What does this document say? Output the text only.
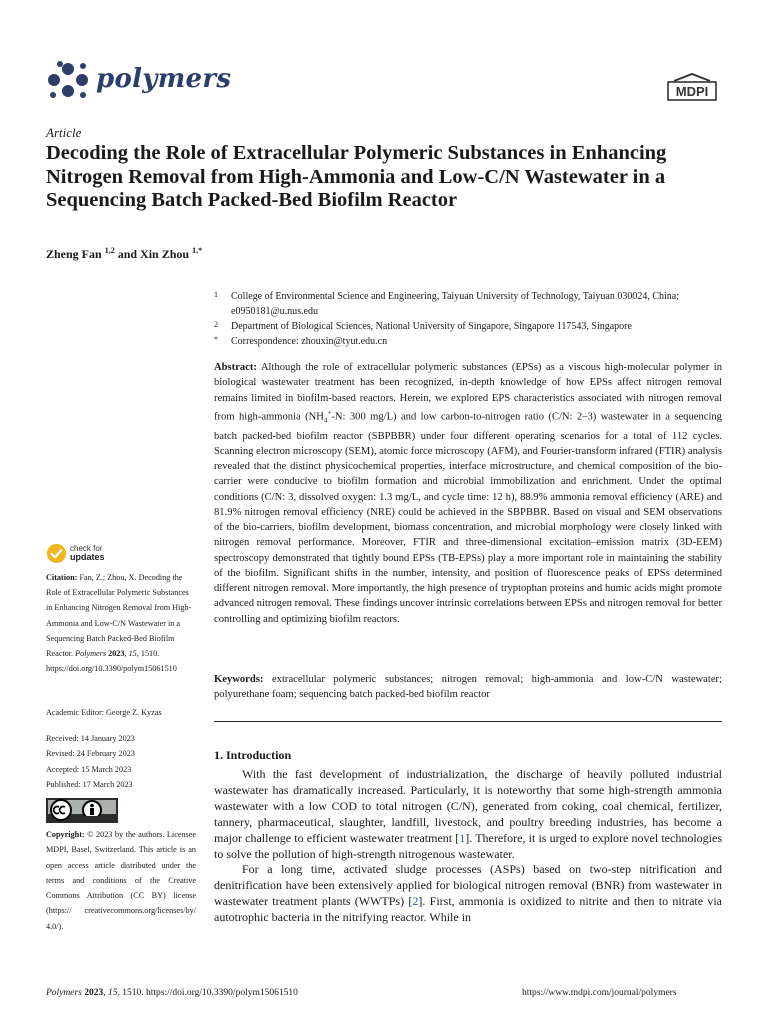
polymers	MDPI
Article
Decoding the Role of Extracellular Polymeric Substances in Enhancing Nitrogen Removal from High-Ammonia and Low-C/N Wastewater in a Sequencing Batch Packed-Bed Biofilm Reactor
Zheng Fan $^{1,2}$ and Xin Zhou $^{1,*}$
1	College of Environmental Science and Engineering, Taiyuan University of Technology, Taiyuan 030024, China; e0950181@u.nus.edu
2	Department of Biological Sciences, National University of Singapore, Singapore 117543, Singapore
*	Correspondence: zhouxin@tyut.edu.cn
Abstract: Although the role of extracellular polymeric substances (EPSs) as a viscous high-molecular polymer in biological wastewater treatment has been recognized, in-depth knowledge of how EPSs affect nitrogen removal remains limited in biofilm-based reactors. Herein, we explored EPS characteristics associated with nitrogen removal from high-ammonia ($NH_4^+-N$: 300 mg/L) and low carbon-to-nitrogen ratio (C/N: 2–3) wastewater in a sequencing batch packed-bed biofilm reactor (SBPBBR) under four different operating scenarios for a total of 112 cycles. Scanning electron microscopy (SEM), atomic force microscopy (AFM), and Fourier-transform infrared (FTIR) analysis revealed that the distinct physicochemical properties, interface microstructure, and chemical composition of the bio-carrier were conducive to biofilm formation and microbial immobilization and enrichment. Under the optimal conditions (C/N: 3, dissolved oxygen: 1.3 mg/L, and cycle time: 12 h), 88.9% ammonia removal efficiency (ARE) and 81.9% nitrogen removal efficiency (NRE) could be achieved in the SBPBBR. Based on visual and SEM observations of the bio-carriers, biofilm development, biomass concentration, and microbial morphology were closely linked with nitrogen removal performance. Moreover, FTIR and three-dimensional excitation–emission matrix (3D-EEM) spectroscopy demonstrated that tightly bound EPSs (TB-EPSs) play a more important role in maintaining the stability of the biofilm. Significant shifts in the number, intensity, and position of fluorescence peaks of EPSs determined different nitrogen removal. More importantly, the high presence of tryptophan proteins and humic acids might promote advanced nitrogen removal. These findings uncover intrinsic correlations between EPSs and nitrogen removal for better controlling and optimizing biofilm reactors.
Keywords: extracellular polymeric substances; nitrogen removal; high-ammonia and low-C/N wastewater; polyurethane foam; sequencing batch packed-bed biofilm reactor
check for
updates
Citation: Fan, Z.; Zhou, X. Decoding the Role of Extracellular Polymeric Substances in Enhancing Nitrogen Removal from High-Ammonia and Low-C/N Wastewater in a Sequencing Batch Packed-Bed Biofilm Reactor. Polymers 2023, 15, 1510. https://doi.org/10.3390/polym15061510
Academic Editor: George Z. Kyzas
Received: 14 January 2023
Revised: 24 February 2023
Accepted: 15 March 2023
Published: 17 March 2023
Copyright: © 2023 by the authors. Licensee MDPI, Basel, Switzerland. This article is an open access article distributed under the terms and conditions of the Creative Commons Attribution (CC BY) license (https:// creativecommons.org/licenses/by/ 4.0/).
1. Introduction

With the fast development of industrialization, the discharge of heavily polluted industrial wastewater has dramatically increased. Particularly, it is noteworthy that some high-strength ammonia wastewater with a low COD to total nitrogen (C/N), generated from coking, coal chemical, fertilizer, tannery, pharmaceutical, slaughter, landfill, livestock, and poultry breeding industries, has become a major challenge to efficient wastewater treatment [1]. Therefore, it is urged to explore novel technologies to solve the pollution of high-strength nitrogenous wastewater.

For a long time, activated sludge processes (ASPs) based on two-step nitrification and denitrification have been extensively applied for biological nitrogen removal (BNR) from wastewater in wastewater treatment plants (WWTPs) [2]. First, ammonia is oxidized to nitrite and then to nitrate via autotrophic bacteria in the nitrifying reactor. While in

Polymers 2023, 15, 1510. https://doi.org/10.3390/polym15061510	https://www.mdpi.com/journal/polymers
